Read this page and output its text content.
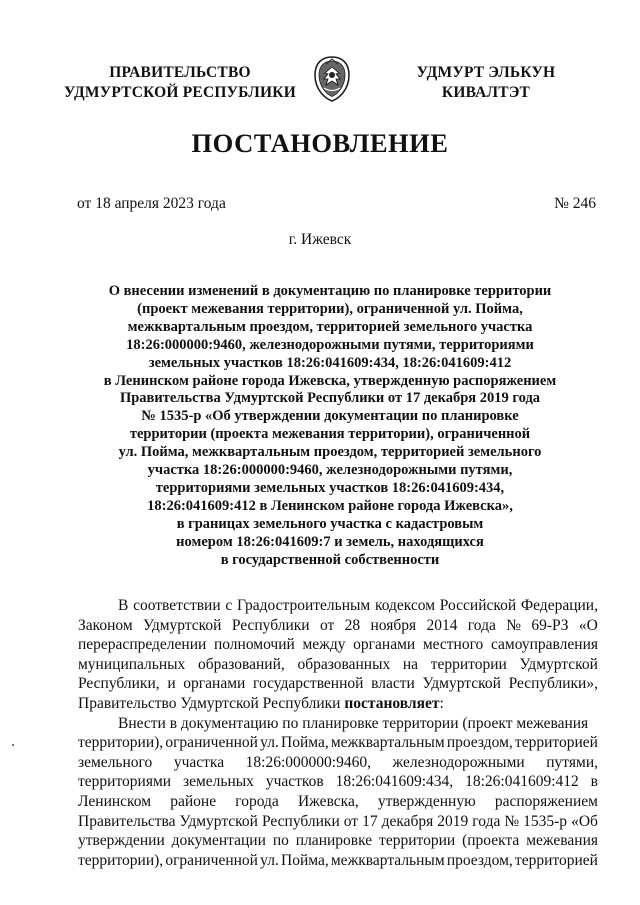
ПРАВИТЕЛЬСТВО
УДМУРТСКОЙ РЕСПУБЛИКИ
УДМУРТ ЭЛЬКУН
КИВАЛТЭТ
ПОСТАНОВЛЕНИЕ
от 18 апреля 2023 года	№ 246
г. Ижевск
О внесении изменений в документацию по планировке территории
(проект межевания территории), ограниченной ул. Пойма,
межквартальным проездом, территорией земельного участка
18:26:000000:9460, железнодорожными путями, территориями
земельных участков 18:26:041609:434, 18:26:041609:412
в Ленинском районе города Ижевска, утвержденную распоряжением
Правительства Удмуртской Республики от 17 декабря 2019 года
№ 1535-р «Об утверждении документации по планировке
территории (проекта межевания территории), ограниченной
ул. Пойма, межквартальным проездом, территорией земельного
участка 18:26:000000:9460, железнодорожными путями,
территориями земельных участков 18:26:041609:434,
18:26:041609:412 в Ленинском районе города Ижевска»,
в границах земельного участка с кадастровым
номером 18:26:041609:7 и земель, находящихся
в государственной собственности
В соответствии с Градостроительным кодексом Российской Федерации,
Законом Удмуртской Республики от 28 ноября 2014 года № 69-РЗ «О
перераспределении полномочий между органами местного самоуправления
муниципальных образований, образованных на территории Удмуртской
Республики, и органами государственной власти Удмуртской Республики»,
Правительство Удмуртской Республики постановляет:
Внести в документацию по планировке территории (проект межевания
территории), ограниченной ул. Пойма, межквартальным проездом, территорией
земельного участка 18:26:000000:9460, железнодорожными путями,
территориями земельных участков 18:26:041609:434, 18:26:041609:412 в
Ленинском районе города Ижевска, утвержденную распоряжением
Правительства Удмуртской Республики от 17 декабря 2019 года № 1535-р «Об
утверждении документации по планировке территории (проекта межевания
территории), ограниченной ул. Пойма, межквартальным проездом, территорией
